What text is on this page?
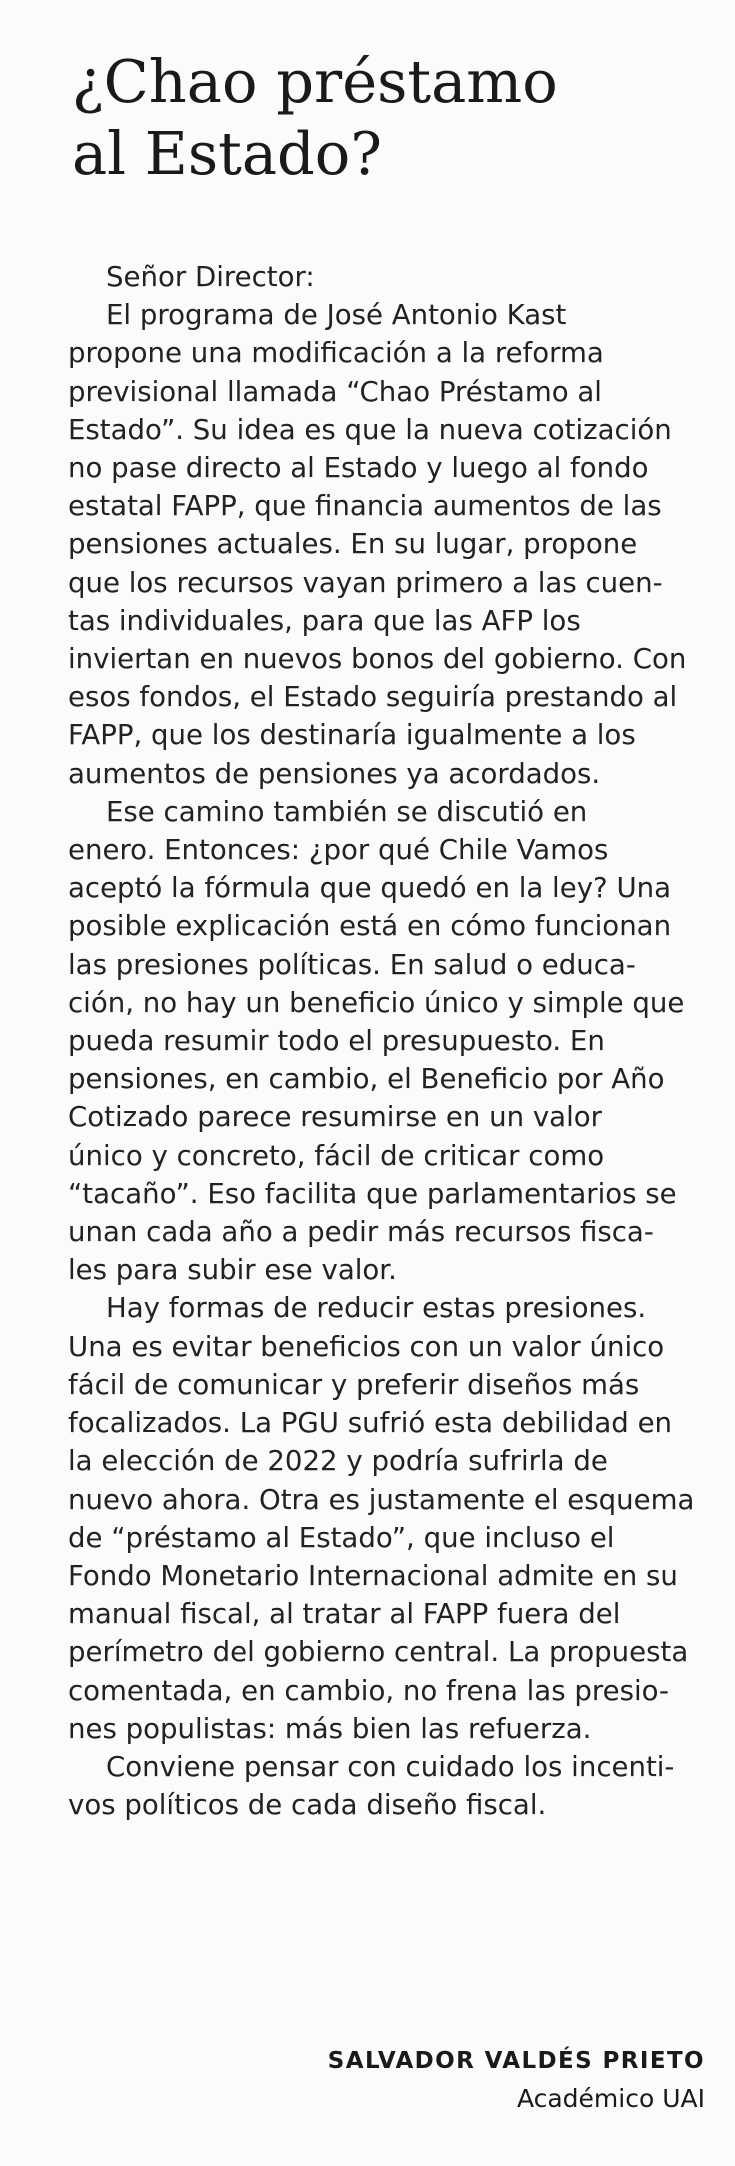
¿Chao préstamo
al Estado?
Señor Director:
El programa de José Antonio Kast
propone una modificación a la reforma
previsional llamada “Chao Préstamo al
Estado”. Su idea es que la nueva cotización
no pase directo al Estado y luego al fondo
estatal FAPP, que financia aumentos de las
pensiones actuales. En su lugar, propone
que los recursos vayan primero a las cuen-
tas individuales, para que las AFP los
inviertan en nuevos bonos del gobierno. Con
esos fondos, el Estado seguiría prestando al
FAPP, que los destinaría igualmente a los
aumentos de pensiones ya acordados.
Ese camino también se discutió en
enero. Entonces: ¿por qué Chile Vamos
aceptó la fórmula que quedó en la ley? Una
posible explicación está en cómo funcionan
las presiones políticas. En salud o educa-
ción, no hay un beneficio único y simple que
pueda resumir todo el presupuesto. En
pensiones, en cambio, el Beneficio por Año
Cotizado parece resumirse en un valor
único y concreto, fácil de criticar como
“tacaño”. Eso facilita que parlamentarios se
unan cada año a pedir más recursos fisca-
les para subir ese valor.
Hay formas de reducir estas presiones.
Una es evitar beneficios con un valor único
fácil de comunicar y preferir diseños más
focalizados. La PGU sufrió esta debilidad en
la elección de 2022 y podría sufrirla de
nuevo ahora. Otra es justamente el esquema
de “préstamo al Estado”, que incluso el
Fondo Monetario Internacional admite en su
manual fiscal, al tratar al FAPP fuera del
perímetro del gobierno central. La propuesta
comentada, en cambio, no frena las presio-
nes populistas: más bien las refuerza.
Conviene pensar con cuidado los incenti-
vos políticos de cada diseño fiscal.
SALVADOR VALDÉS PRIETO
Académico UAI
